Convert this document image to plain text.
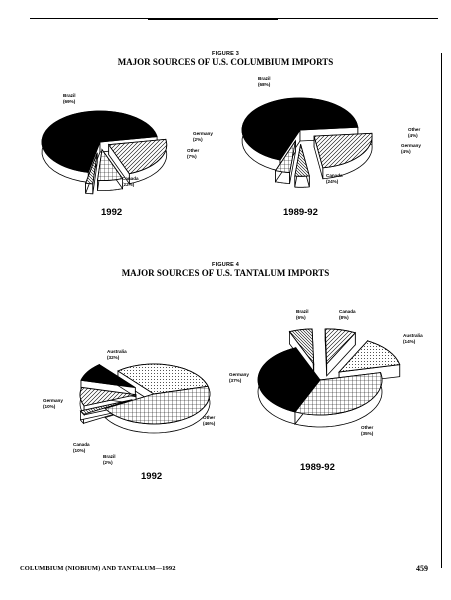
FIGURE 3
MAJOR SOURCES OF U.S. COLUMBIUM IMPORTS
FIGURE 4
MAJOR SOURCES OF U.S. TANTALUM IMPORTS
1992	1989-92
1992
1989-92
Brazil
(69%)
Germany
(2%)
Other
(7%)
Canada
(22%)
Brazil
(68%)
Other
(4%)
Germany
(4%)
Canada
(24%)
Australia
(32%)
Other
(46%)
Brazil
(2%)
Canada
(10%)
Germany
(10%)
Brazil
(6%)
Canada
(8%)
Australia
(14%)
Other
(35%)
Germany
(37%)
COLUMBIUM (NIOBIUM) AND TANTALUM—1992	459
